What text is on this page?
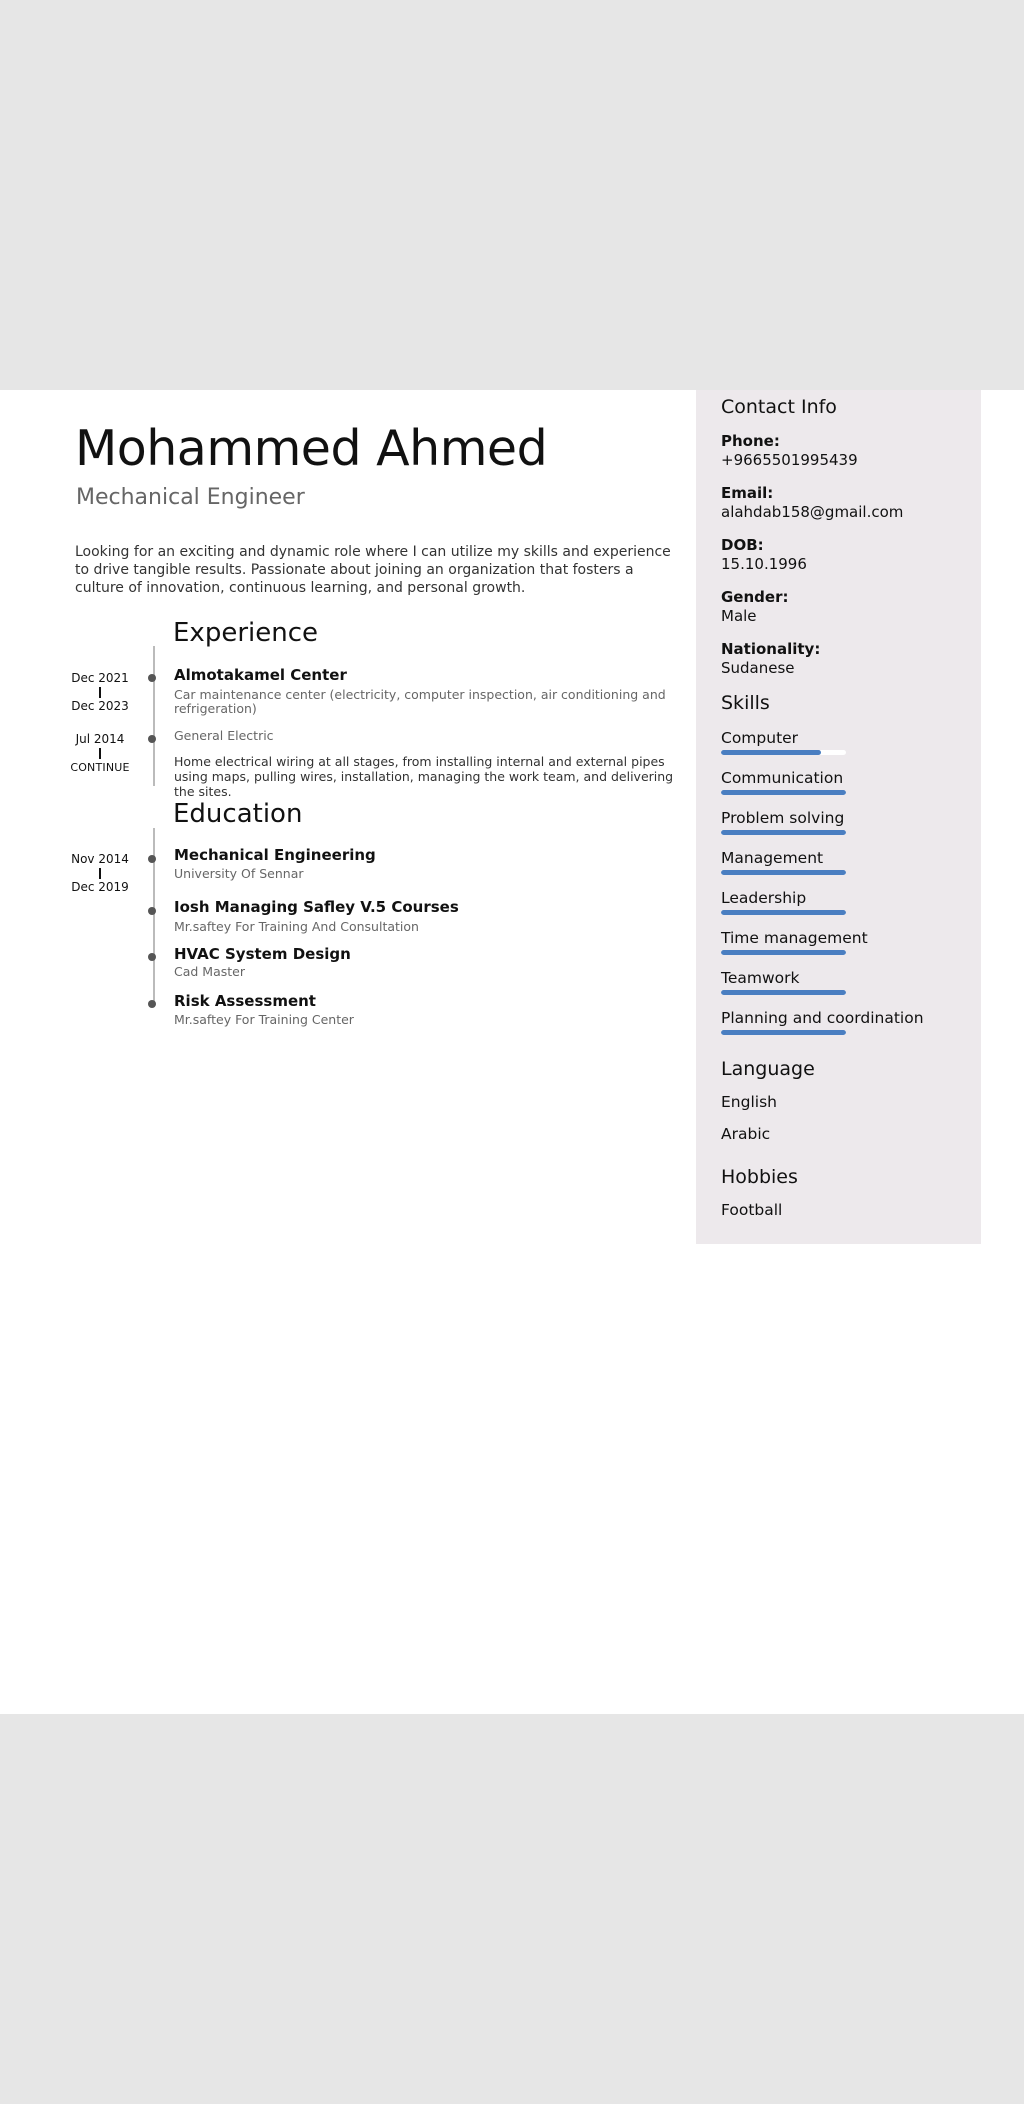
Mohammed Ahmed
Mechanical Engineer
Looking for an exciting and dynamic role where I can utilize my skills and experience to drive tangible results. Passionate about joining an organization that fosters a culture of innovation, continuous learning, and personal growth.
Experience
Dec 2021
Dec 2023
Almotakamel Center
Car maintenance center (electricity, computer inspection, air conditioning and refrigeration)
Jul 2014
CONTINUE
General Electric
Home electrical wiring at all stages, from installing internal and external pipes using maps, pulling wires, installation, managing the work team, and delivering the sites.
Education
Nov 2014
Dec 2019
Mechanical Engineering
University Of Sennar
Iosh Managing Safley V.5 Courses
Mr.saftey For Training And Consultation
HVAC System Design
Cad Master
Risk Assessment
Mr.saftey For Training Center
Contact Info
Phone:
+9665501995439
Email:
alahdab158@gmail.com
DOB:
15.10.1996
Gender:
Male
Nationality:
Sudanese
Skills
Computer
Communication
Problem solving
Management
Leadership
Time management
Teamwork
Planning and coordination
Language
English
Arabic
Hobbies
Football
